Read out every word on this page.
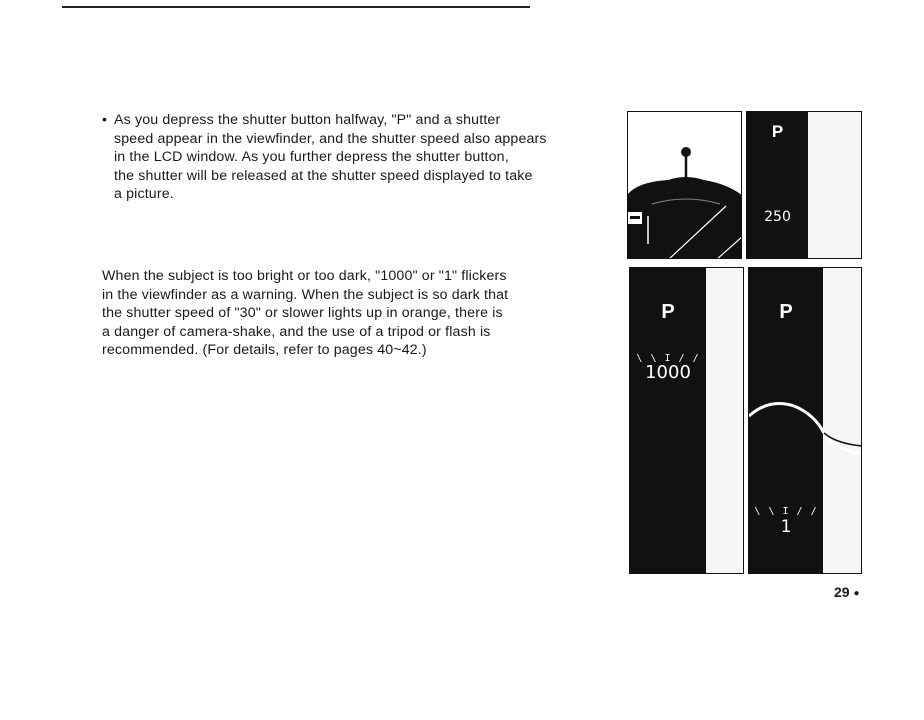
• As you depress the shutter button halfway, "P" and a shutter
speed appear in the viewfinder, and the shutter speed also appears
in the LCD window. As you further depress the shutter button,
the shutter will be released at the shutter speed displayed to take
a picture.
When the subject is too bright or too dark, "1000" or "1" flickers
in the viewfinder as a warning. When the subject is so dark that
the shutter speed of "30" or slower lights up in orange, there is
a danger of camera-shake, and the use of a tripod or flash is
recommended. (For details, refer to pages 40~42.)
P
250
P
\ \ I / /
1000
P
\ \ I / /
1
29 ●
